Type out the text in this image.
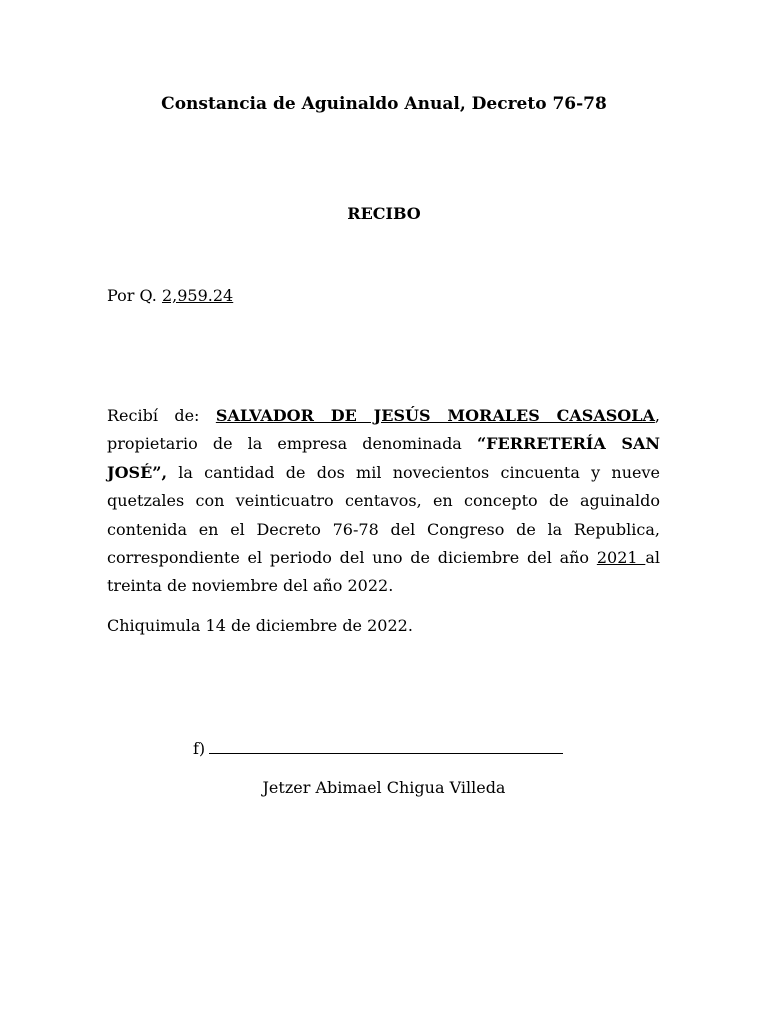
Constancia de Aguinaldo Anual, Decreto 76-78
RECIBO
Por Q. 2,959.24
Recibí de: SALVADOR DE JESÚS MORALES CASASOLA, propietario de la empresa denominada “FERRETERÍA SAN JOSÉ”, la cantidad de dos mil novecientos cincuenta y nueve quetzales con veinticuatro centavos, en concepto de aguinaldo contenida en el Decreto 76-78 del Congreso de la Republica, correspondiente el periodo del uno de diciembre del año 2021 al treinta de noviembre del año 2022.
Chiquimula 14 de diciembre de 2022.
f)
Jetzer Abimael Chigua Villeda
